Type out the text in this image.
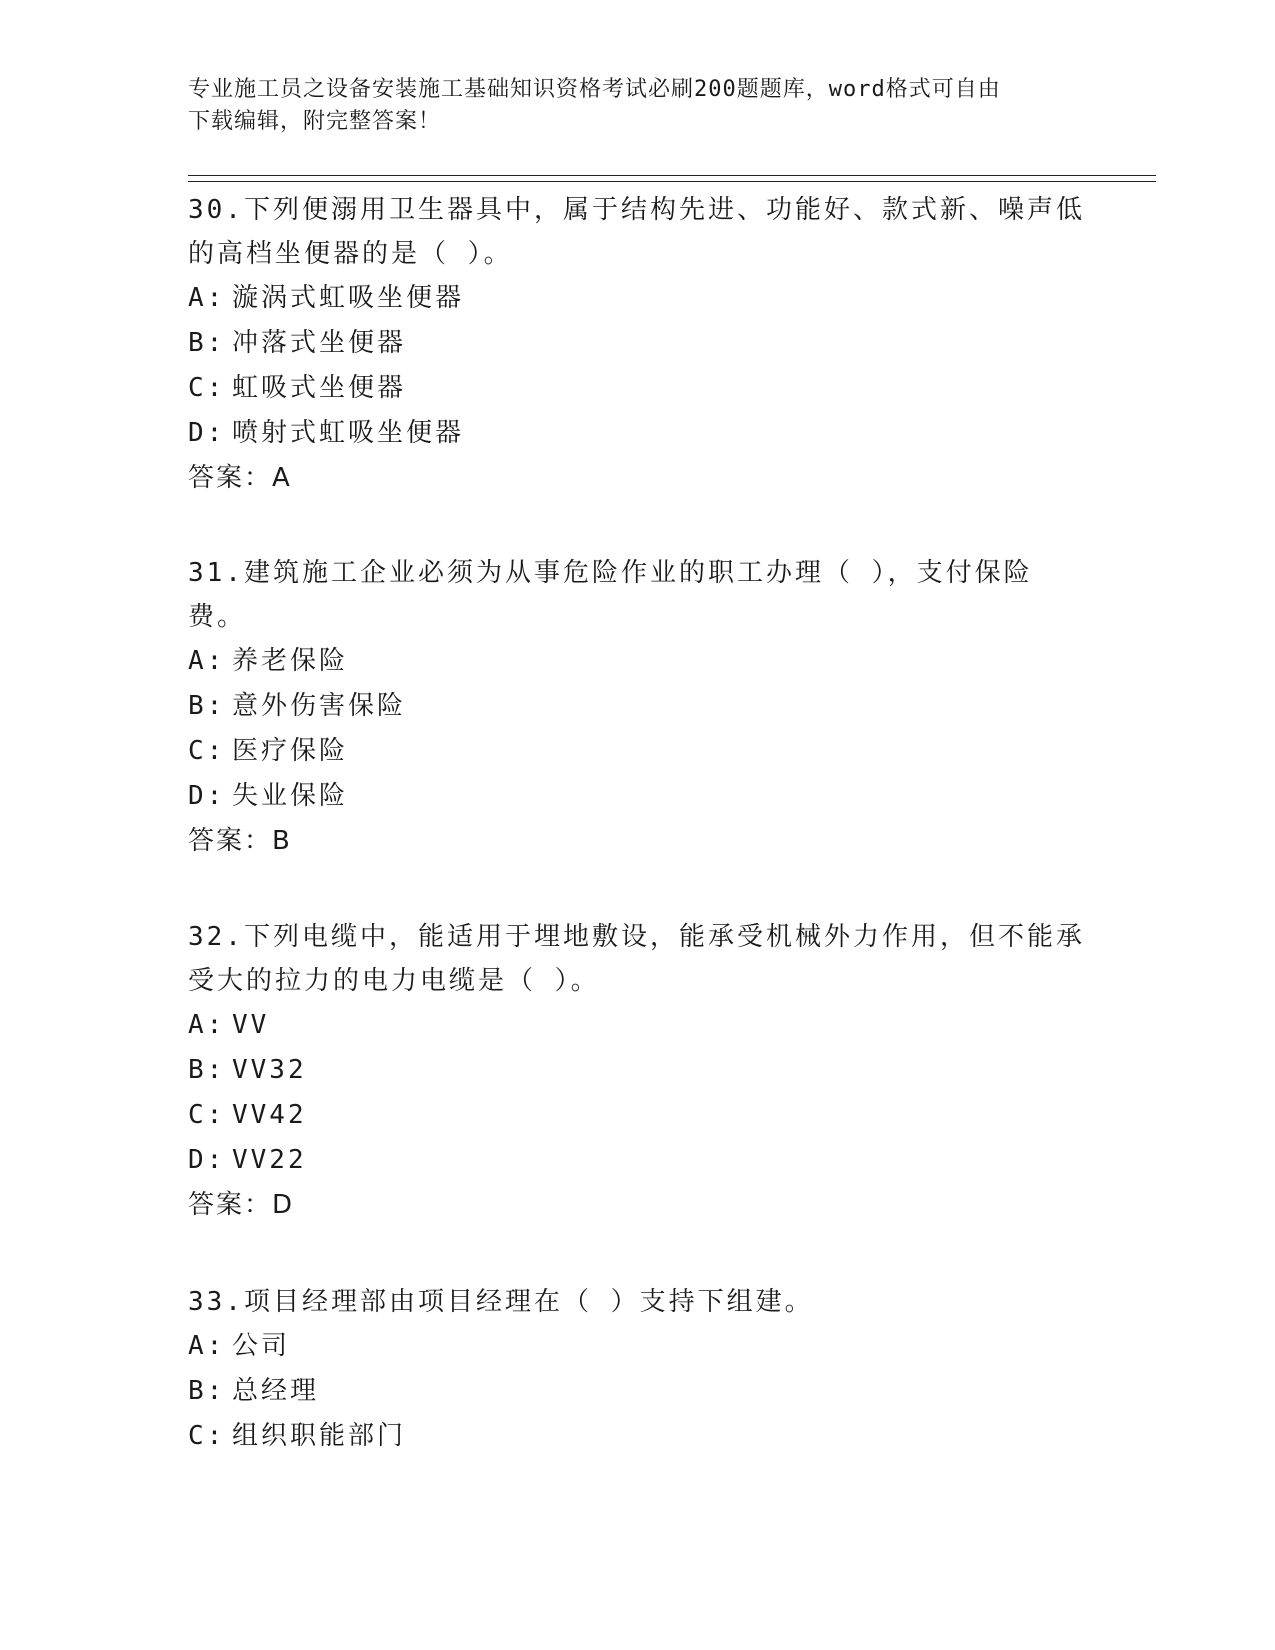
专业施工员之设备安装施工基础知识资格考试必刷200题题库，word格式可自由
下载编辑，附完整答案！

30.下列便溺用卫生器具中，属于结构先进、功能好、款式新、噪声低的高档坐便器的是（ ）。

A: 漩涡式虹吸坐便器
B: 冲落式坐便器
C: 虹吸式坐便器
D: 喷射式虹吸坐便器
答案：A

31.建筑施工企业必须为从事危险作业的职工办理（ ），支付保险费。

A: 养老保险
B: 意外伤害保险
C: 医疗保险
D: 失业保险
答案：B

32.下列电缆中，能适用于埋地敷设，能承受机械外力作用，但不能承受大的拉力的电力电缆是（ ）。

A: VV
B: VV32
C: VV42
D: VV22
答案：D

33.项目经理部由项目经理在（ ）支持下组建。

A: 公司
B: 总经理
C: 组织职能部门
